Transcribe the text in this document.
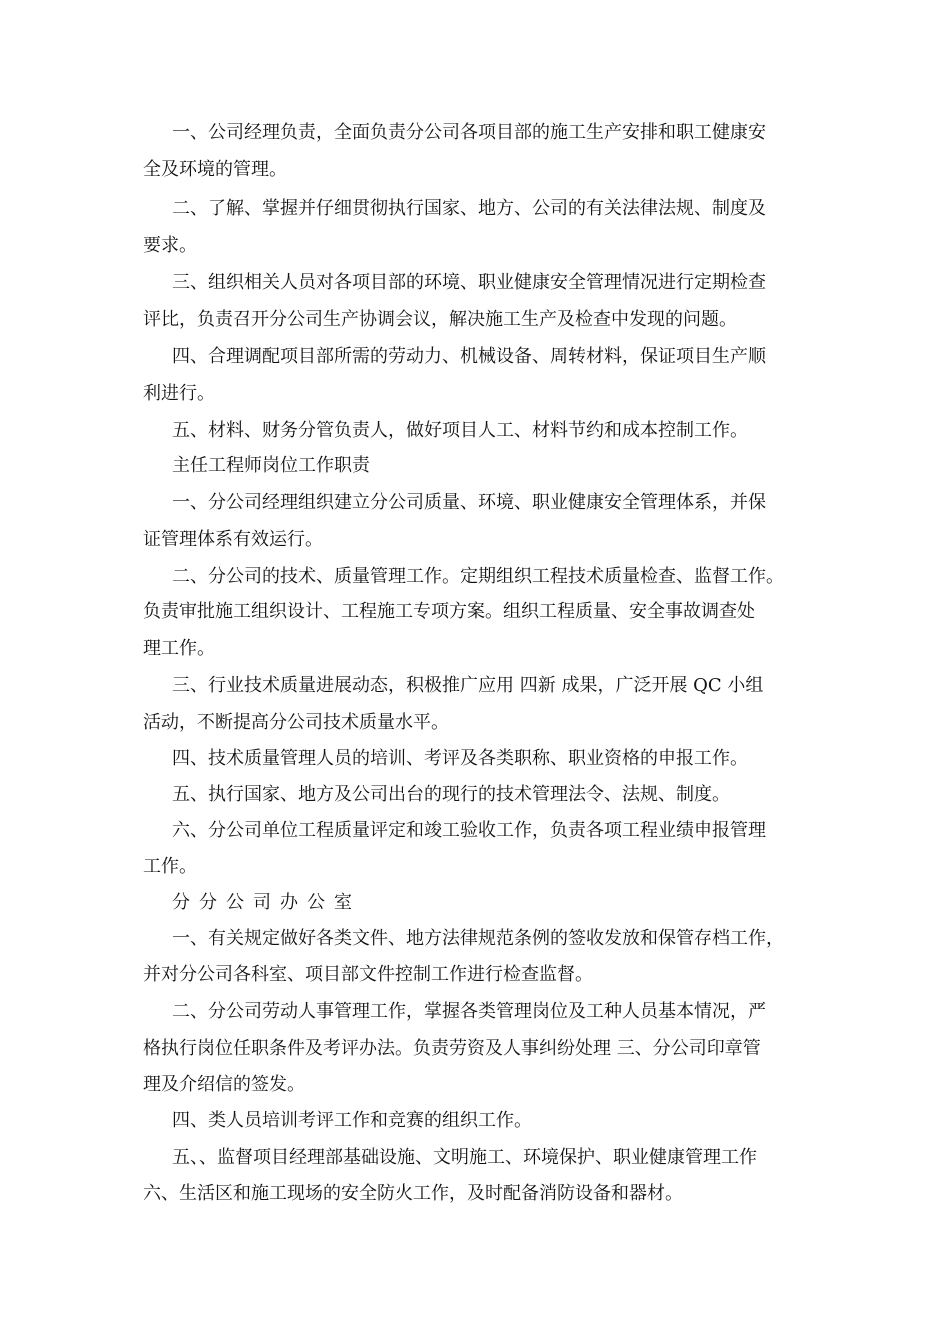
一、公司经理负责，全面负责分公司各项目部的施工生产安排和职工健康安
全及环境的管理。
二、了解、掌握并仔细贯彻执行国家、地方、公司的有关法律法规、制度及
要求。
三、组织相关人员对各项目部的环境、职业健康安全管理情况进行定期检查
评比，负责召开分公司生产协调会议，解决施工生产及检查中发现的问题。
四、合理调配项目部所需的劳动力、机械设备、周转材料，保证项目生产顺
利进行。
五、材料、财务分管负责人，做好项目人工、材料节约和成本控制工作。
主任工程师岗位工作职责
一、分公司经理组织建立分公司质量、环境、职业健康安全管理体系，并保
证管理体系有效运行。
二、分公司的技术、质量管理工作。定期组织工程技术质量检查、监督工作。
负责审批施工组织设计、工程施工专项方案。组织工程质量、安全事故调查处
理工作。
三、行业技术质量进展动态，积极推广应用 四新 成果，广泛开展 QC 小组
活动，不断提高分公司技术质量水平。
四、技术质量管理人员的培训、考评及各类职称、职业资格的申报工作。
五、执行国家、地方及公司出台的现行的技术管理法令、法规、制度。
六、分公司单位工程质量评定和竣工验收工作，负责各项工程业绩申报管理
工作。
分分公司办公室
一、有关规定做好各类文件、地方法律规范条例的签收发放和保管存档工作，
并对分公司各科室、项目部文件控制工作进行检查监督。
二、分公司劳动人事管理工作，掌握各类管理岗位及工种人员基本情况，严
格执行岗位任职条件及考评办法。负责劳资及人事纠纷处理 三、分公司印章管
理及介绍信的签发。
四、类人员培训考评工作和竞赛的组织工作。
五、、监督项目经理部基础设施、文明施工、环境保护、职业健康管理工作
六、生活区和施工现场的安全防火工作，及时配备消防设备和器材。
